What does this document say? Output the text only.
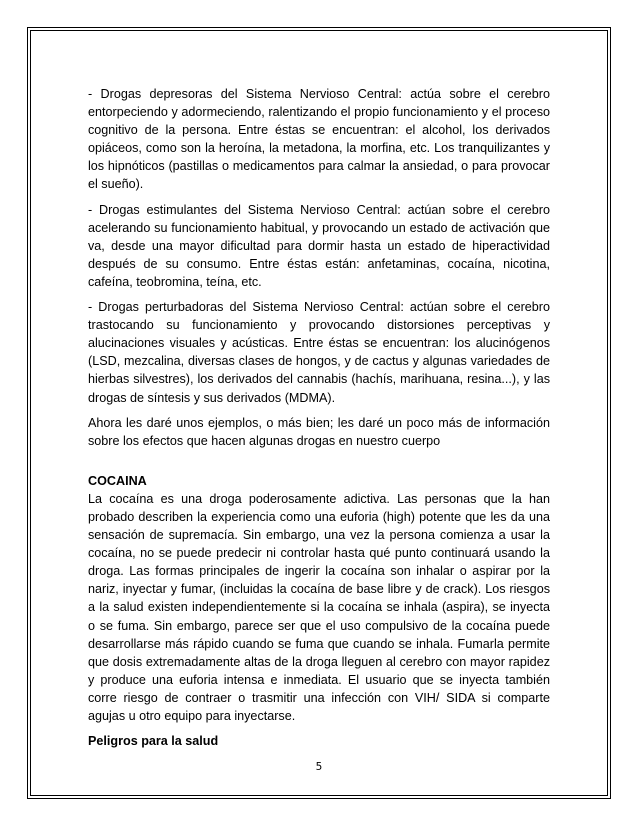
- Drogas depresoras del Sistema Nervioso Central: actúa sobre el cerebro entorpeciendo y adormeciendo, ralentizando el propio funcionamiento y el proceso cognitivo de la persona. Entre éstas se encuentran: el alcohol, los derivados opiáceos, como son la heroína, la metadona, la morfina, etc. Los tranquilizantes y los hipnóticos (pastillas o medicamentos para calmar la ansiedad, o para provocar el sueño).

- Drogas estimulantes del Sistema Nervioso Central: actúan sobre el cerebro acelerando su funcionamiento habitual, y provocando un estado de activación que va, desde una mayor dificultad para dormir hasta un estado de hiperactividad después de su consumo. Entre éstas están: anfetaminas, cocaína, nicotina, cafeína, teobromina, teína, etc.

- Drogas perturbadoras del Sistema Nervioso Central: actúan sobre el cerebro trastocando su funcionamiento y provocando distorsiones perceptivas y alucinaciones visuales y acústicas. Entre éstas se encuentran: los alucinógenos (LSD, mezcalina, diversas clases de hongos, y de cactus y algunas variedades de hierbas silvestres), los derivados del cannabis (hachís, marihuana, resina...), y las drogas de síntesis y sus derivados (MDMA).

Ahora les daré unos ejemplos, o más bien; les daré un poco más de información sobre los efectos que hacen algunas drogas en nuestro cuerpo

COCAINA

La cocaína es una droga poderosamente adictiva. Las personas que la han probado describen la experiencia como una euforia (high) potente que les da una sensación de supremacía. Sin embargo, una vez la persona comienza a usar la cocaína, no se puede predecir ni controlar hasta qué punto continuará usando la droga. Las formas principales de ingerir la cocaína son inhalar o aspirar por la nariz, inyectar y fumar, (incluidas la cocaína de base libre y de crack). Los riesgos a la salud existen independientemente si la cocaína se inhala (aspira), se inyecta o se fuma. Sin embargo, parece ser que el uso compulsivo de la cocaína puede desarrollarse más rápido cuando se fuma que cuando se inhala. Fumarla permite que dosis extremadamente altas de la droga lleguen al cerebro con mayor rapidez y produce una euforia intensa e inmediata. El usuario que se inyecta también corre riesgo de contraer o trasmitir una infección con VIH/ SIDA si comparte agujas u otro equipo para inyectarse.

Peligros para la salud

5
